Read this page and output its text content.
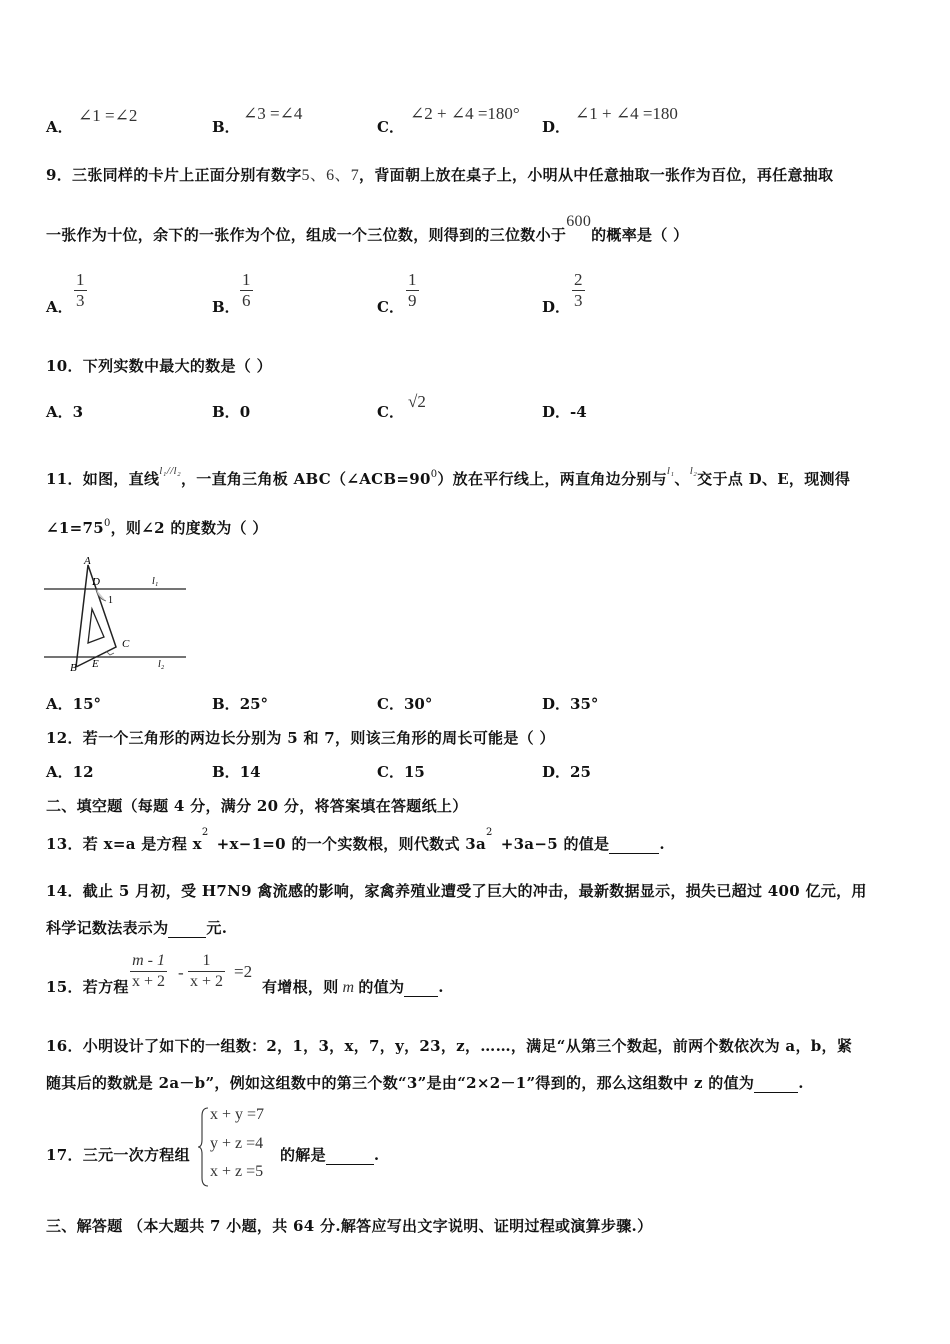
A．
∠1 =∠2
B．
∠3 =∠4
C．
∠2 + ∠4 =180°
D．
∠1 + ∠4 =180
9．三张同样的卡片上正面分别有数字5、6、7，背面朝上放在桌子上，小明从中任意抽取一张作为百位，再任意抽取
一张作为十位，余下的一张作为个位，组成一个三位数，则得到的三位数小于600的概率是（ ）
A． $\frac{1}{3}$	B． $\frac{1}{6}$	C． $\frac{1}{9}$	D． $\frac{2}{3}$
10．下列实数中最大的数是（ ）
A．3	B．0	C．
√2
D．-4
11．如图，直线$^{l_1//l_2}$，一直角三角板 $ABC(\angle ACB=90^0)$放在平行线上，两直角边分别与$^{l_1}$、$^{l_2}$交于点 D、E，现测得
$\angle 1=75^0$，则∠2 的度数为（ ）
A
D
1
l₁
C
B E	l₂
A．15°	B．25°	C．30°	D．35°
12．若一个三角形的两边长分别为 5 和 7，则该三角形的周长可能是（ ）
A．12	B．14	C．15	D．25
二、填空题（每题 4 分，满分 20 分，将答案填在答题纸上）
13．若 x=a 是方程 $x^2+x-1=0$ 的一个实数根，则代数式 $3a^2+3a-5$ 的值是	.
14．截止 5 月初，受 H7N9 禽流感的影响，家禽养殖业遭受了巨大的冲击，最新数据显示，损失已超过 400 亿元，用
科学记数法表示为	元.
15．若方程 $\frac{m - 1}{x + 2} - \frac{1}{x + 2} =2$
有增根，则 m 的值为 .
16．小明设计了如下的一组数：2，1，3，x，7，y，23，z，……，满足“从第三个数起，前两个数依次为 a，b，紧
随其后的数就是 2a－b”，例如这组数中的第三个数“3”是由“2×2－1”得到的，那么这组数中 z 的值为	.
17．三元一次方程组
x + y =7
y + z =4
x + z =5
的解是	.
三、解答题 （本大题共 7 小题，共 64 分.解答应写出文字说明、证明过程或演算步骤.）
